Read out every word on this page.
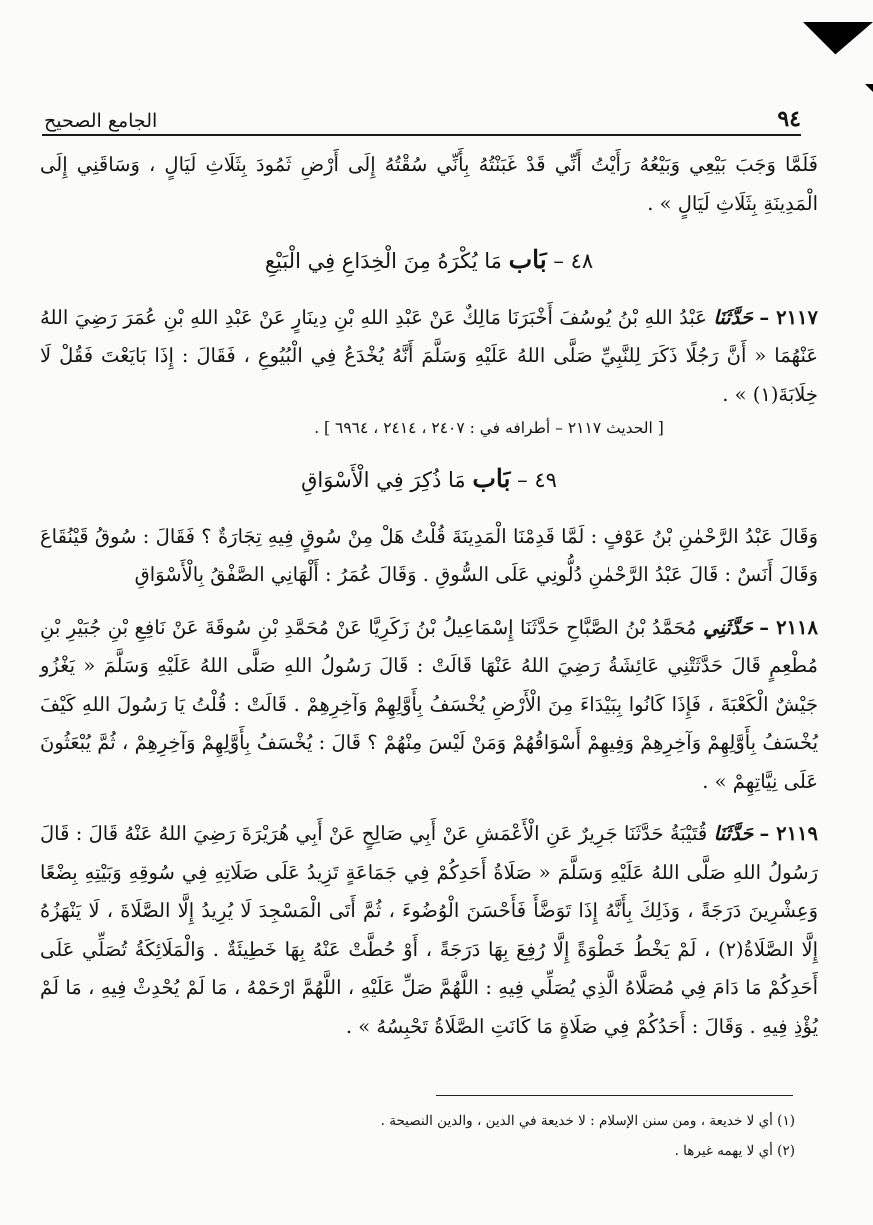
الجامع الصحيح	٩٤

فَلَمَّا وَجَبَ بَيْعِي وَبَيْعُهُ رَأَيْتُ أَنِّي قَدْ غَبَنْتُهُ بِأَنِّي سُقْتُهُ إِلَى أَرْضِ ثَمُودَ بِثَلَاثِ لَيَالٍ ، وَسَاقَنِي إِلَى الْمَدِينَةِ بِثَلَاثِ لَيَالٍ » .

٤٨ – بَاب مَا يُكْرَهُ مِنَ الْخِدَاعِ فِي الْبَيْعِ

٢١١٧ – حَدَّثَنَا عَبْدُ اللهِ بْنُ يُوسُفَ أَخْبَرَنَا مَالِكٌ عَنْ عَبْدِ اللهِ بْنِ دِينَارٍ عَنْ عَبْدِ اللهِ بْنِ عُمَرَ رَضِيَ اللهُ عَنْهُمَا « أَنَّ رَجُلًا ذَكَرَ لِلنَّبِيِّ صَلَّى اللهُ عَلَيْهِ وَسَلَّمَ أَنَّهُ يُخْدَعُ فِي الْبُيُوعِ ، فَقَالَ : إِذَا بَايَعْتَ فَقُلْ لَا خِلَابَةَ(١) » .

[ الحديث ٢١١٧ – أطرافه في : ٢٤٠٧ ، ٢٤١٤ ، ٦٩٦٤ ] .

٤٩ – بَاب مَا ذُكِرَ فِي الْأَسْوَاقِ

وَقَالَ عَبْدُ الرَّحْمٰنِ بْنُ عَوْفٍ : لَمَّا قَدِمْنَا الْمَدِينَةَ قُلْتُ هَلْ مِنْ سُوقٍ فِيهِ تِجَارَةٌ ؟ فَقَالَ : سُوقُ قَيْنُقَاعَ وَقَالَ أَنَسٌ : قَالَ عَبْدُ الرَّحْمٰنِ دُلُّونِي عَلَى السُّوقِ . وَقَالَ عُمَرُ : أَلْهَانِي الصَّفْقُ بِالْأَسْوَاقِ

٢١١٨ – حَدَّثَنِي مُحَمَّدُ بْنُ الصَّبَّاحِ حَدَّثَنَا إِسْمَاعِيلُ بْنُ زَكَرِيَّا عَنْ مُحَمَّدِ بْنِ سُوقَةَ عَنْ نَافِعِ بْنِ جُبَيْرِ بْنِ مُطْعِمٍ قَالَ حَدَّثَتْنِي عَائِشَةُ رَضِيَ اللهُ عَنْهَا قَالَتْ : قَالَ رَسُولُ اللهِ صَلَّى اللهُ عَلَيْهِ وَسَلَّمَ « يَغْزُو جَيْشٌ الْكَعْبَةَ ، فَإِذَا كَانُوا بِبَيْدَاءَ مِنَ الْأَرْضِ يُخْسَفُ بِأَوَّلِهِمْ وَآخِرِهِمْ . قَالَتْ : قُلْتُ يَا رَسُولَ اللهِ كَيْفَ يُخْسَفُ بِأَوَّلِهِمْ وَآخِرِهِمْ وَفِيهِمْ أَسْوَاقُهُمْ وَمَنْ لَيْسَ مِنْهُمْ ؟ قَالَ : يُخْسَفُ بِأَوَّلِهِمْ وَآخِرِهِمْ ، ثُمَّ يُبْعَثُونَ عَلَى نِيَّاتِهِمْ » .

٢١١٩ – حَدَّثَنَا قُتَيْبَةُ حَدَّثَنَا جَرِيرٌ عَنِ الْأَعْمَشِ عَنْ أَبِي صَالِحٍ عَنْ أَبِي هُرَيْرَةَ رَضِيَ اللهُ عَنْهُ قَالَ : قَالَ رَسُولُ اللهِ صَلَّى اللهُ عَلَيْهِ وَسَلَّمَ « صَلَاةُ أَحَدِكُمْ فِي جَمَاعَةٍ تَزِيدُ عَلَى صَلَاتِهِ فِي سُوقِهِ وَبَيْتِهِ بِضْعًا وَعِشْرِينَ دَرَجَةً ، وَذَلِكَ بِأَنَّهُ إِذَا تَوَضَّأَ فَأَحْسَنَ الْوُضُوءَ ، ثُمَّ أَتَى الْمَسْجِدَ لَا يُرِيدُ إِلَّا الصَّلَاةَ ، لَا يَنْهَزُهُ إِلَّا الصَّلَاةُ(٢) ، لَمْ يَخْطُ خَطْوَةً إِلَّا رُفِعَ بِهَا دَرَجَةً ، أَوْ حُطَّتْ عَنْهُ بِهَا خَطِيئَةٌ . وَالْمَلَائِكَةُ تُصَلِّي عَلَى أَحَدِكُمْ مَا دَامَ فِي مُصَلَّاهُ الَّذِي يُصَلِّي فِيهِ : اللَّهُمَّ صَلِّ عَلَيْهِ ، اللَّهُمَّ ارْحَمْهُ ، مَا لَمْ يُحْدِثْ فِيهِ ، مَا لَمْ يُؤْذِ فِيهِ . وَقَالَ : أَحَدُكُمْ فِي صَلَاةٍ مَا كَانَتِ الصَّلَاةُ تَحْبِسُهُ » .

(١) أي لا خديعة ، ومن سنن الإسلام : لا خديعة في الدين ، والدين النصيحة .

(٢) أي لا يهمه غيرها .
